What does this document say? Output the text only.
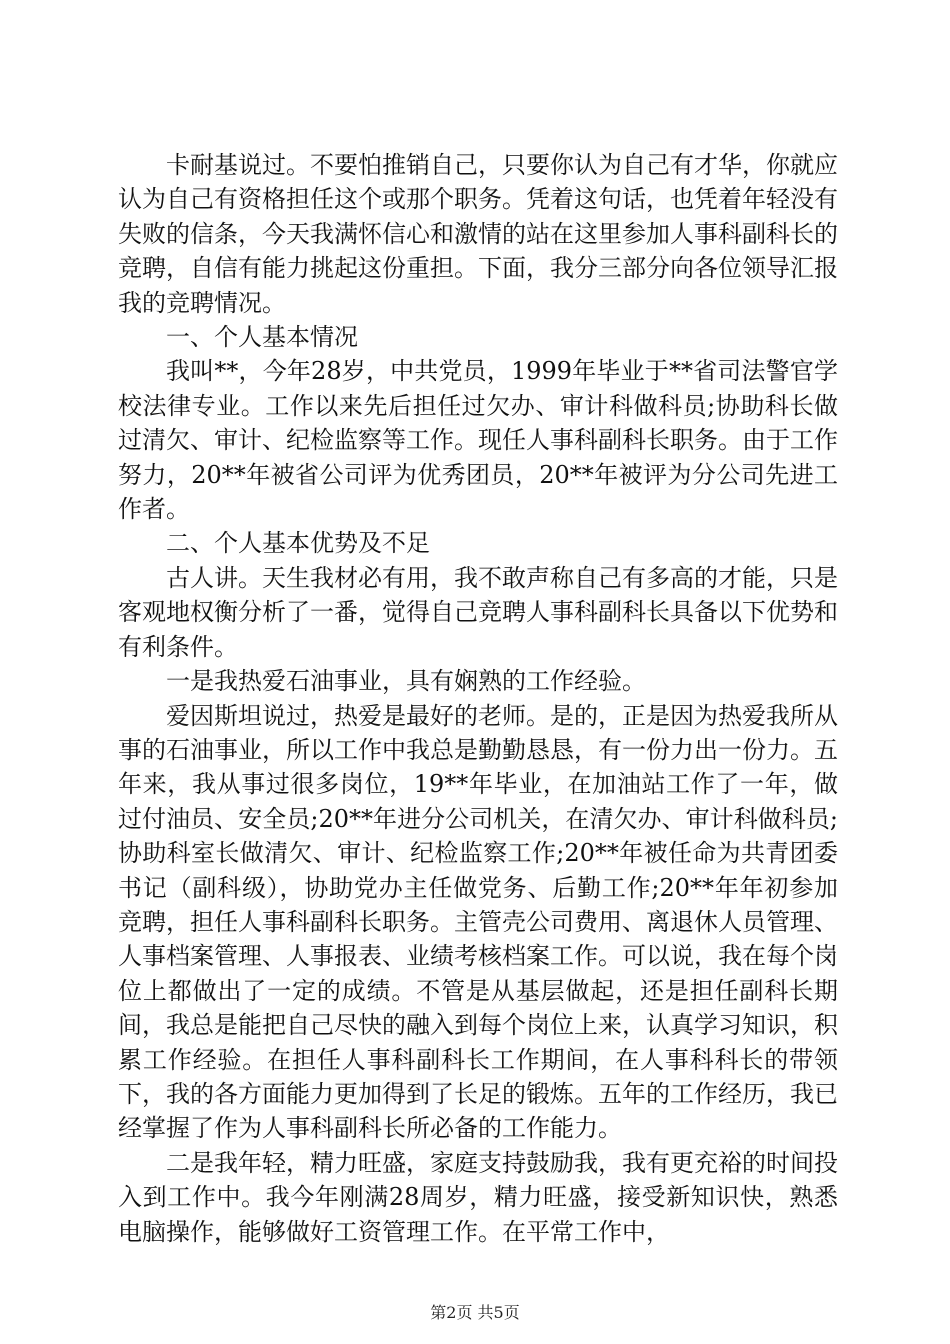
卡耐基说过。不要怕推销自己，只要你认为自己有才华，你就应认为自己有资格担任这个或那个职务。凭着这句话，也凭着年轻没有失败的信条，今天我满怀信心和激情的站在这里参加人事科副科长的竞聘，自信有能力挑起这份重担。下面，我分三部分向各位领导汇报我的竞聘情况。

一、个人基本情况

我叫**，今年28岁，中共党员，1999年毕业于**省司法警官学校法律专业。工作以来先后担任过欠办、审计科做科员;协助科长做过清欠、审计、纪检监察等工作。现任人事科副科长职务。由于工作努力，20**年被省公司评为优秀团员，20**年被评为分公司先进工作者。

二、个人基本优势及不足

古人讲。天生我材必有用，我不敢声称自己有多高的才能，只是客观地权衡分析了一番，觉得自己竞聘人事科副科长具备以下优势和有利条件。

一是我热爱石油事业，具有娴熟的工作经验。

爱因斯坦说过，热爱是最好的老师。是的，正是因为热爱我所从事的石油事业，所以工作中我总是勤勤恳恳，有一份力出一份力。五年来，我从事过很多岗位，19**年毕业，在加油站工作了一年，做过付油员、安全员;20**年进分公司机关，在清欠办、审计科做科员;协助科室长做清欠、审计、纪检监察工作;20**年被任命为共青团委书记（副科级），协助党办主任做党务、后勤工作;20**年年初参加竞聘，担任人事科副科长职务。主管壳公司费用、离退休人员管理、人事档案管理、人事报表、业绩考核档案工作。可以说，我在每个岗位上都做出了一定的成绩。不管是从基层做起，还是担任副科长期间，我总是能把自己尽快的融入到每个岗位上来，认真学习知识，积累工作经验。在担任人事科副科长工作期间，在人事科科长的带领下，我的各方面能力更加得到了长足的锻炼。五年的工作经历，我已经掌握了作为人事科副科长所必备的工作能力。

二是我年轻，精力旺盛，家庭支持鼓励我，我有更充裕的时间投入到工作中。我今年刚满28周岁，精力旺盛，接受新知识快，熟悉电脑操作，能够做好工资管理工作。在平常工作中，

第2页 共5页
